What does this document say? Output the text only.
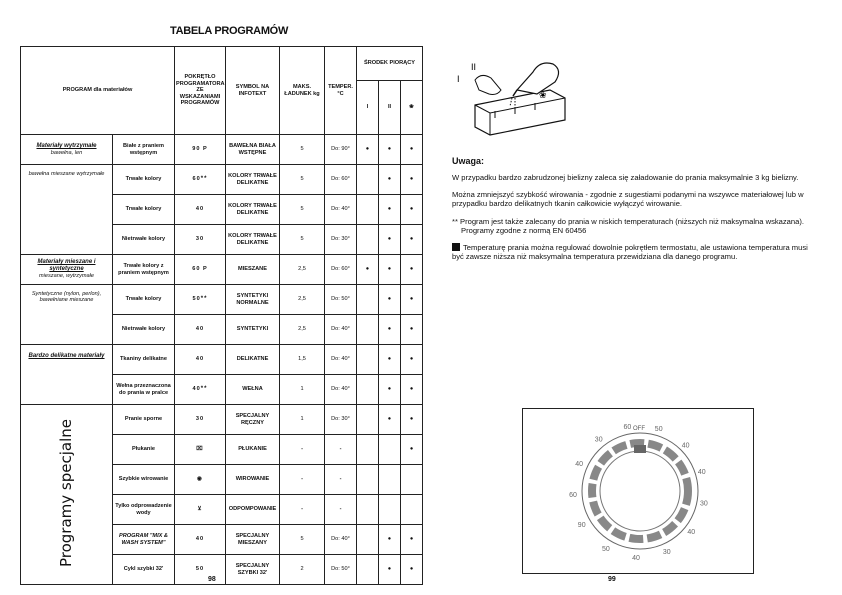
TABELA PROGRAMÓW
PROGRAM dla materiałów		POKRĘTŁO PROGRAMATORA ZE WSKAZANIAMI PROGRAMÓW	SYMBOL NA INFOTEXT	MAKS. ŁADUNEK kg	TEMPER. °C	ŚRODEK PIORĄCY		
						I	II	❀

Materiały wytrzymałe
bawełna, len	Białe z praniem wstępnym	90 P	BAWEŁNA BIAŁA WSTĘPNE	5	Do: 90°	●	●	●

bawełna mieszane wytrzymałe	Trwałe kolory	60**	KOLORY TRWAŁE DELIKATNE	5	Do: 60°		●	●
	Trwałe kolory	40	KOLORY TRWAŁE DELIKATNE	5	Do: 40°		●	●
	Nietrwałe kolory	30	KOLORY TRWAŁE DELIKATNE	5	Do: 30°		●	●

Materiały mieszane i syntetyczne
mieszane, wytrzymałe	Trwałe kolory z praniem wstępnym	60 P	MIESZANE	2,5	Do: 60°	●	●	●

Syntetyczne (nylon, perlon), bawełniane mieszane	Trwałe kolory	50**	SYNTETYKI NORMALNE	2,5	Do: 50°		●	●
	Nietrwałe kolory	40	SYNTETYKI	2,5	Do: 40°		●	●

Bardzo delikatne materiały	Tkaniny delikatne	40	DELIKATNE	1,5	Do: 40°		●	●
	Wełna przeznaczona do prania w pralce	40**	WEŁNA	1	Do: 40°		●	●
Programy specjalne	Pranie sporne	30	SPECJALNY RĘCZNY	1	Do: 30°		●	●
	Płukanie	⌧	PŁUKANIE	-	-			●
	Szybkie wirowanie	◉	WIROWANIE	-	-			
	Tylko odprowadzenie wody	⊻	ODPOMPOWANIE	-	-			
	PROGRAM "MIX & WASH SYSTEM"	40	SPECJALNY MIESZANY	5	Do: 40°		●	●
	Cykl szybki 32'	50	SPECJALNY SZYBKI 32'	2	Do: 50°		●	●
98	99
I
II
❀
Uwaga:

W przypadku bardzo zabrudzonej bielizny zaleca się załadowanie do prania maksymalnie 3 kg bielizny.

Można zmniejszyć szybkość wirowania - zgodnie z sugestiami podanymi na wszywce materiałowej lub w przypadku bardzo delikatnych tkanin całkowicie wyłączyć wirowanie.

** Program jest także zalecany do prania w niskich temperaturach (niższych niż maksymalna wskazana). Programy zgodne z normą EN 60456

Temperaturę prania można regulować dowolnie pokrętłem termostatu, ale ustawiona temperatura musi być zawsze niższa niż maksymalna temperatura przewidziana dla danego programu.

OFF
90
60
40
30
60	50
40
40
30
40
30
40
50
